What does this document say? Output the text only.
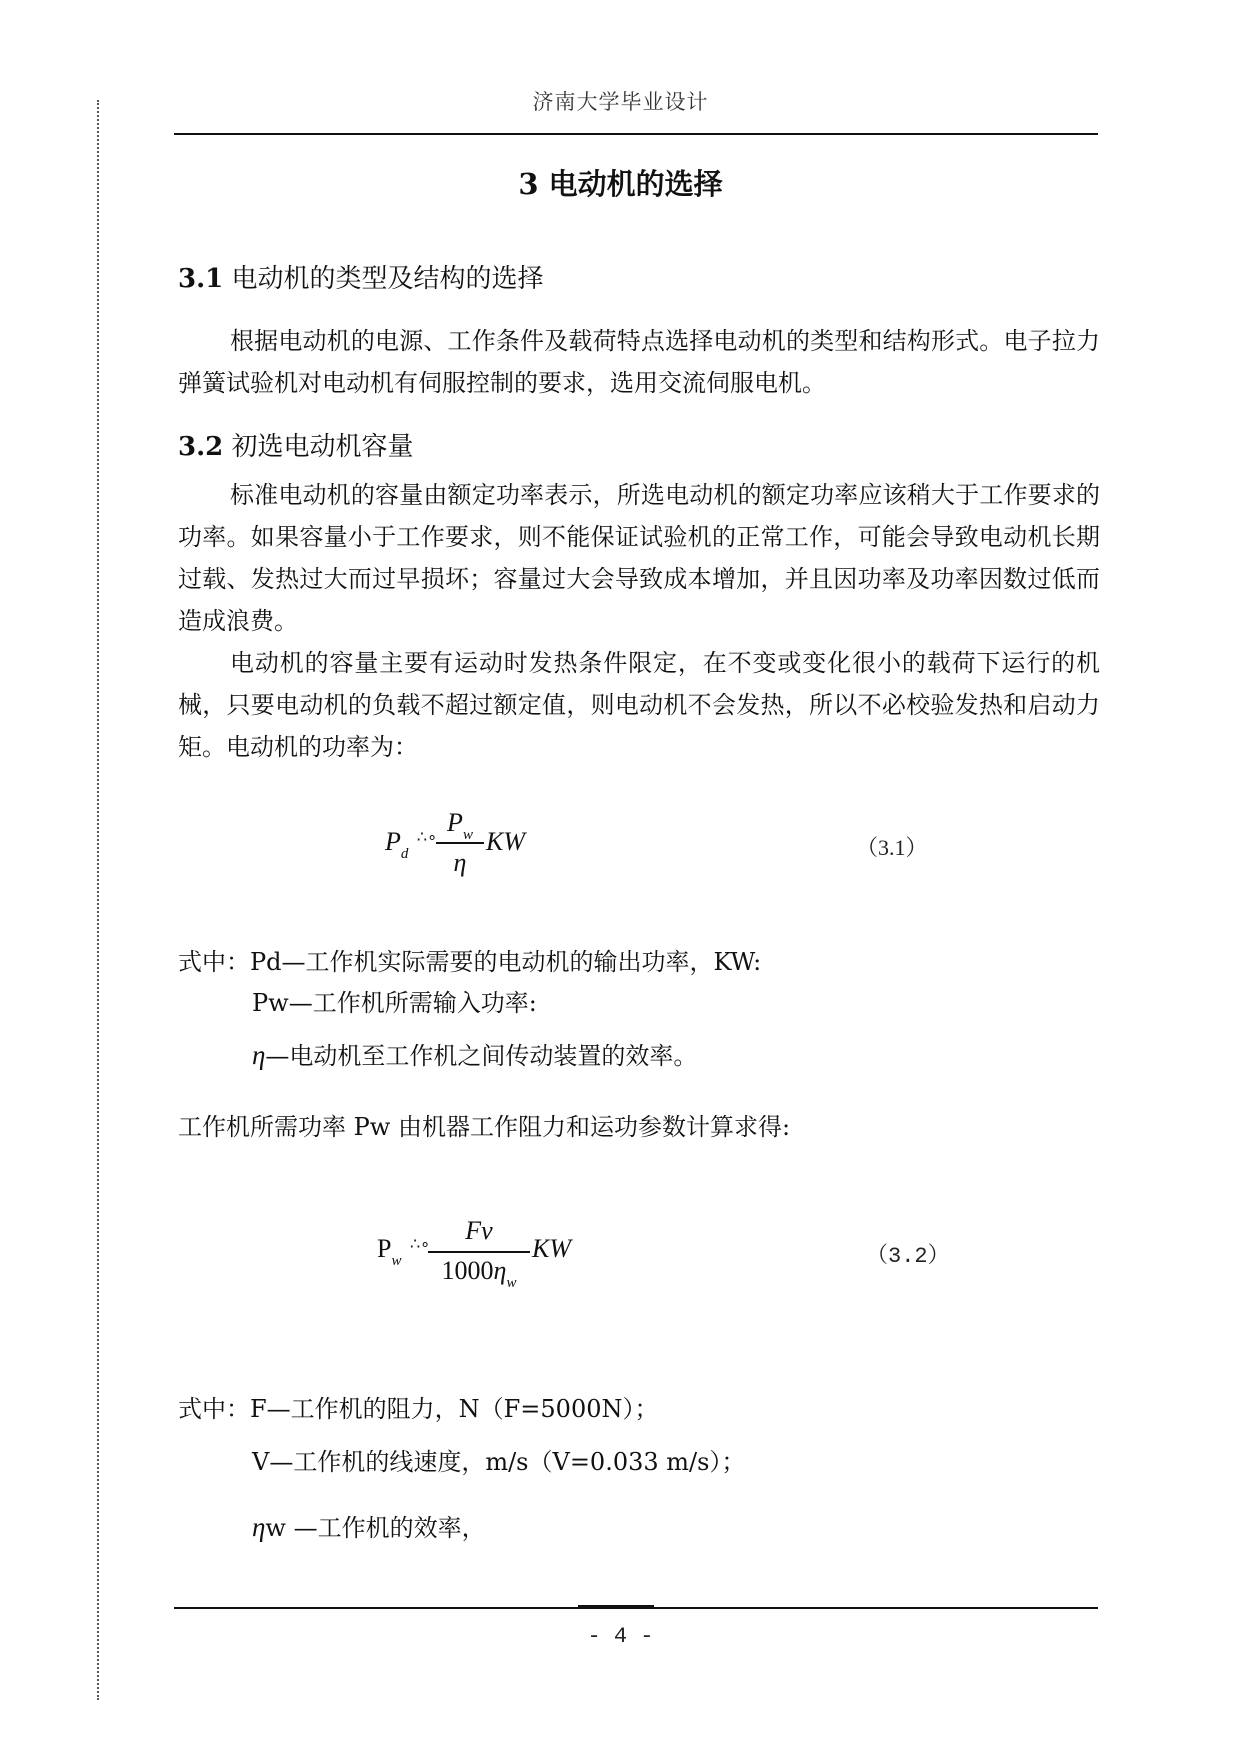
济南大学毕业设计
3 电动机的选择
3.1 电动机的类型及结构的选择

根据电动机的电源、工作条件及载荷特点选择电动机的类型和结构形式。电子拉力弹簧试验机对电动机有伺服控制的要求，选用交流伺服电机。

3.2 初选电动机容量

标准电动机的容量由额定功率表示，所选电动机的额定功率应该稍大于工作要求的功率。如果容量小于工作要求，则不能保证试验机的正常工作，可能会导致电动机长期过载、发热过大而过早损坏；容量过大会导致成本增加，并且因功率及功率因数过低而造成浪费。

电动机的容量主要有运动时发热条件限定，在不变或变化很小的载荷下运行的机械，只要电动机的负载不超过额定值，则电动机不会发热，所以不必校验发热和启动力矩。电动机的功率为：

$P_d$ ∴∘
$P_w$
η
KW	（3.1）
式中：Pd—工作机实际需要的电动机的输出功率，KW:
Pw—工作机所需输入功率:
η—电动机至工作机之间传动装置的效率。
工作机所需功率 Pw 由机器工作阻力和运功参数计算求得:
$P_w$ ∴∘	Fv
$1000\eta_w$
KW	（3.2）
式中：F—工作机的阻力，N（F=5000N）；
V—工作机的线速度，m/s（V=0.033 m/s）；
ηw —工作机的效率，
- 4 -
